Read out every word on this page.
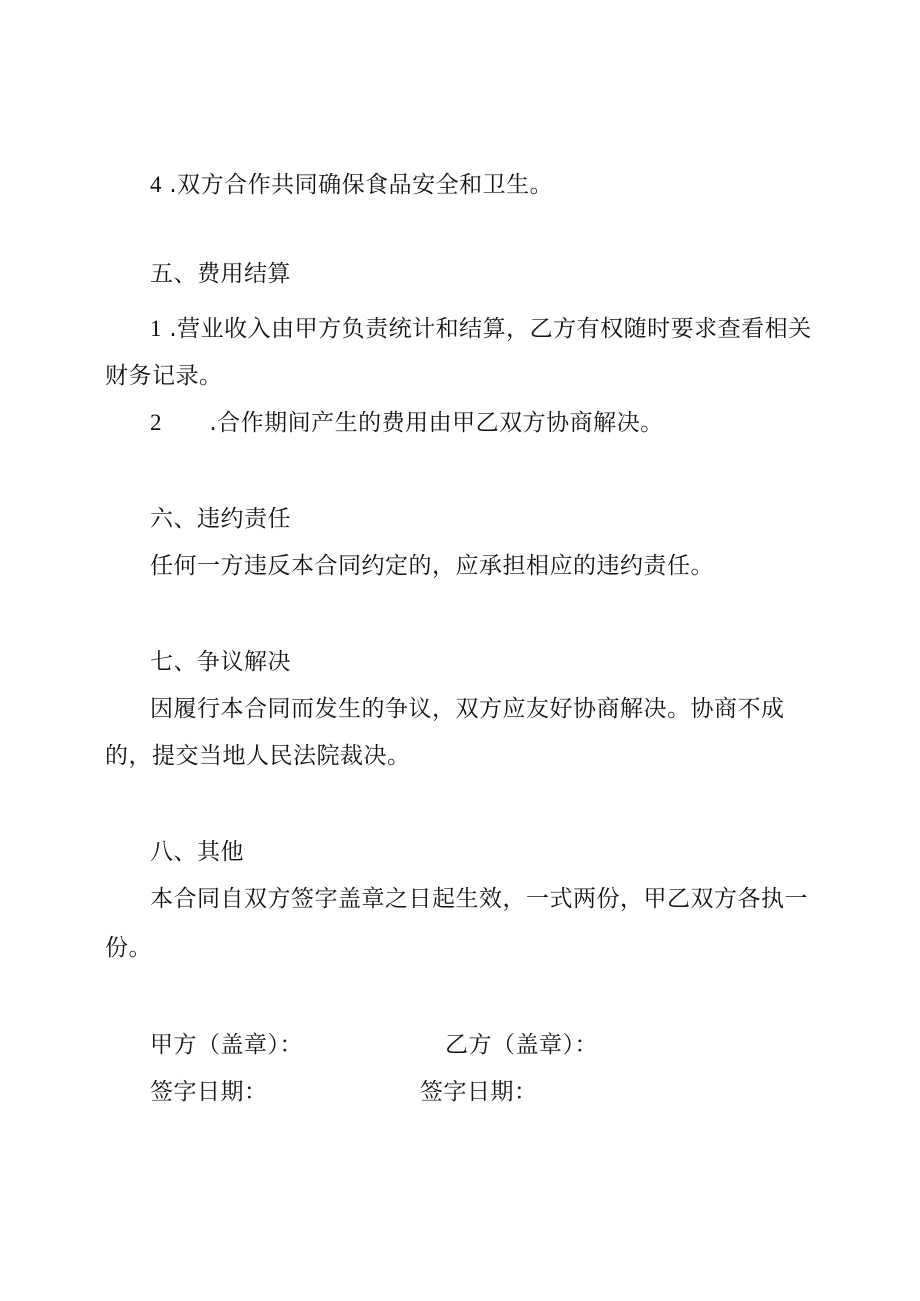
4 .双方合作共同确保食品安全和卫生。
五、费用结算
1 .营业收入由甲方负责统计和结算，乙方有权随时要求查看相关
财务记录。
2 .合作期间产生的费用由甲乙双方协商解决。
六、违约责任
任何一方违反本合同约定的，应承担相应的违约责任。
七、争议解决
因履行本合同而发生的争议，双方应友好协商解决。协商不成
的，提交当地人民法院裁决。
八、其他
本合同自双方签字盖章之日起生效，一式两份，甲乙双方各执一
份。
甲方（盖章）：	乙方（盖章）：
签字日期：	签字日期：
